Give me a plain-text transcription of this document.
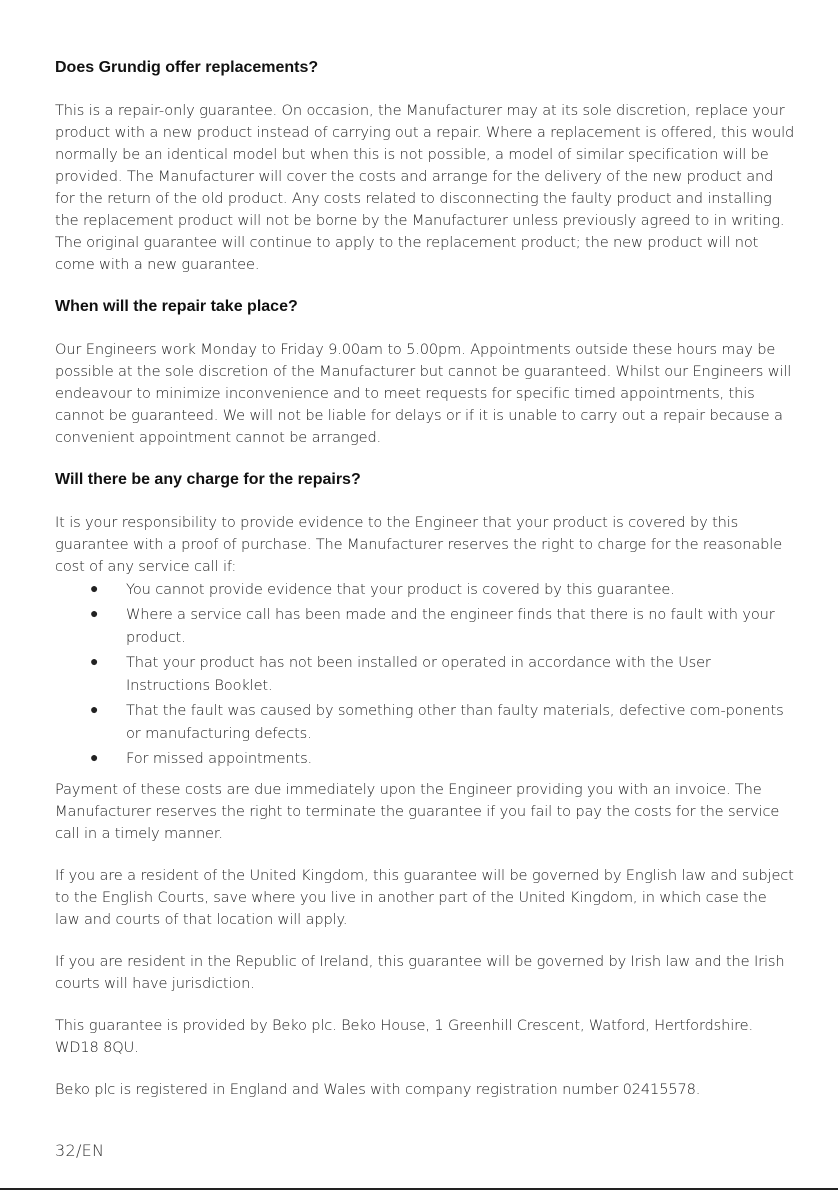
Does Grundig offer replacements?

This is a repair-only guarantee. On occasion, the Manufacturer may at its sole discretion, replace your product with a new product instead of carrying out a repair. Where a replacement is offered, this would normally be an identical model but when this is not possible, a model of similar specification will be provided. The Manufacturer will cover the costs and arrange for the delivery of the new product and for the return of the old product. Any costs related to disconnecting the faulty product and installing the replacement product will not be borne by the Manufacturer unless previously agreed to in writing. The original guarantee will continue to apply to the replacement product; the new product will not come with a new guarantee.

When will the repair take place?

Our Engineers work Monday to Friday 9.00am to 5.00pm. Appointments outside these hours may be possible at the sole discretion of the Manufacturer but cannot be guaranteed. Whilst our Engineers will endeavour to minimize inconvenience and to meet requests for specific timed appointments, this cannot be guaranteed. We will not be liable for delays or if it is unable to carry out a repair because a convenient appointment cannot be arranged.

Will there be any charge for the repairs?

It is your responsibility to provide evidence to the Engineer that your product is covered by this guarantee with a proof of purchase. The Manufacturer reserves the right to charge for the reasonable cost of any service call if:

● You cannot provide evidence that your product is covered by this guarantee.
● Where a service call has been made and the engineer finds that there is no fault with your product.
● That your product has not been installed or operated in accordance with the User Instructions Booklet.
● That the fault was caused by something other than faulty materials, defective com-ponents or manufacturing defects.
● For missed appointments.

Payment of these costs are due immediately upon the Engineer providing you with an invoice. The Manufacturer reserves the right to terminate the guarantee if you fail to pay the costs for the service call in a timely manner.

If you are a resident of the United Kingdom, this guarantee will be governed by English law and subject to the English Courts, save where you live in another part of the United Kingdom, in which case the law and courts of that location will apply.

If you are resident in the Republic of Ireland, this guarantee will be governed by Irish law and the Irish courts will have jurisdiction.

This guarantee is provided by Beko plc. Beko House, 1 Greenhill Crescent, Watford, Hertfordshire. WD18 8QU.

Beko plc is registered in England and Wales with company registration number 02415578.

32/EN
